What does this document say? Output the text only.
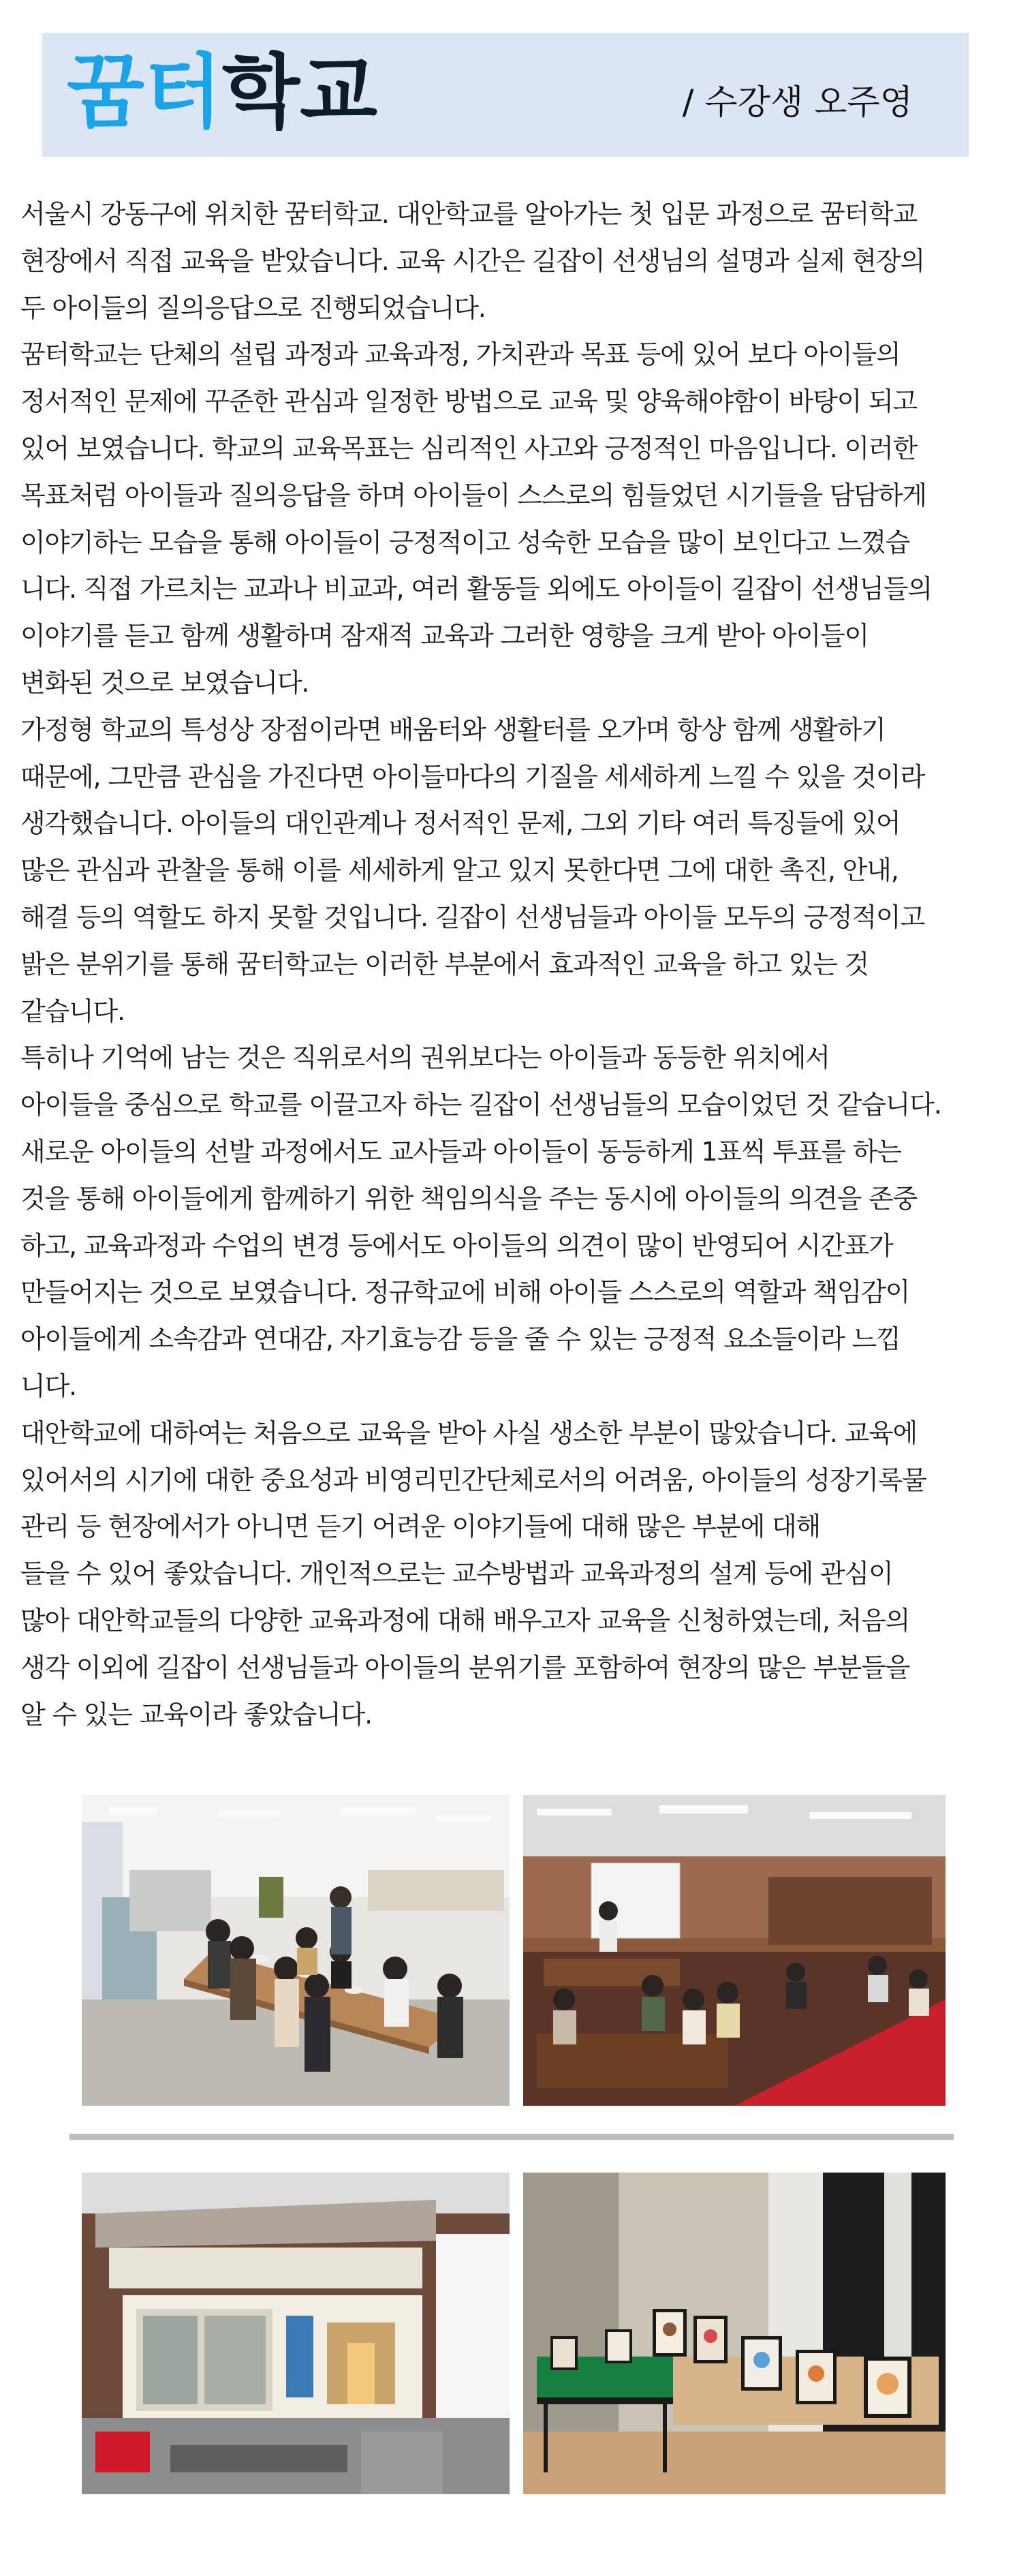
꿈터학교	/ 수강생 오주영

서울시 강동구에 위치한 꿈터학교. 대안학교를 알아가는 첫 입문 과정으로 꿈터학교

현장에서 직접 교육을 받았습니다. 교육 시간은 길잡이 선생님의 설명과 실제 현장의

두 아이들의 질의응답으로 진행되었습니다.

꿈터학교는 단체의 설립 과정과 교육과정, 가치관과 목표 등에 있어 보다 아이들의

정서적인 문제에 꾸준한 관심과 일정한 방법으로 교육 및 양육해야함이 바탕이 되고

있어 보였습니다. 학교의 교육목표는 심리적인 사고와 긍정적인 마음입니다. 이러한

목표처럼 아이들과 질의응답을 하며 아이들이 스스로의 힘들었던 시기들을 담담하게

이야기하는 모습을 통해 아이들이 긍정적이고 성숙한 모습을 많이 보인다고 느꼈습

니다. 직접 가르치는 교과나 비교과, 여러 활동들 외에도 아이들이 길잡이 선생님들의

이야기를 듣고 함께 생활하며 잠재적 교육과 그러한 영향을 크게 받아 아이들이

변화된 것으로 보였습니다.

가정형 학교의 특성상 장점이라면 배움터와 생활터를 오가며 항상 함께 생활하기

때문에, 그만큼 관심을 가진다면 아이들마다의 기질을 세세하게 느낄 수 있을 것이라

생각했습니다. 아이들의 대인관계나 정서적인 문제, 그외 기타 여러 특징들에 있어

많은 관심과 관찰을 통해 이를 세세하게 알고 있지 못한다면 그에 대한 촉진, 안내,

해결 등의 역할도 하지 못할 것입니다. 길잡이 선생님들과 아이들 모두의 긍정적이고

밝은 분위기를 통해 꿈터학교는 이러한 부분에서 효과적인 교육을 하고 있는 것

같습니다.

특히나 기억에 남는 것은 직위로서의 권위보다는 아이들과 동등한 위치에서

아이들을 중심으로 학교를 이끌고자 하는 길잡이 선생님들의 모습이었던 것 같습니다.

새로운 아이들의 선발 과정에서도 교사들과 아이들이 동등하게 1표씩 투표를 하는

것을 통해 아이들에게 함께하기 위한 책임의식을 주는 동시에 아이들의 의견을 존중

하고, 교육과정과 수업의 변경 등에서도 아이들의 의견이 많이 반영되어 시간표가

만들어지는 것으로 보였습니다. 정규학교에 비해 아이들 스스로의 역할과 책임감이

아이들에게 소속감과 연대감, 자기효능감 등을 줄 수 있는 긍정적 요소들이라 느낍

니다.

대안학교에 대하여는 처음으로 교육을 받아 사실 생소한 부분이 많았습니다. 교육에

있어서의 시기에 대한 중요성과 비영리민간단체로서의 어려움, 아이들의 성장기록물

관리 등 현장에서가 아니면 듣기 어려운 이야기들에 대해 많은 부분에 대해

들을 수 있어 좋았습니다. 개인적으로는 교수방법과 교육과정의 설계 등에 관심이

많아 대안학교들의 다양한 교육과정에 대해 배우고자 교육을 신청하였는데, 처음의

생각 이외에 길잡이 선생님들과 아이들의 분위기를 포함하여 현장의 많은 부분들을

알 수 있는 교육이라 좋았습니다.
